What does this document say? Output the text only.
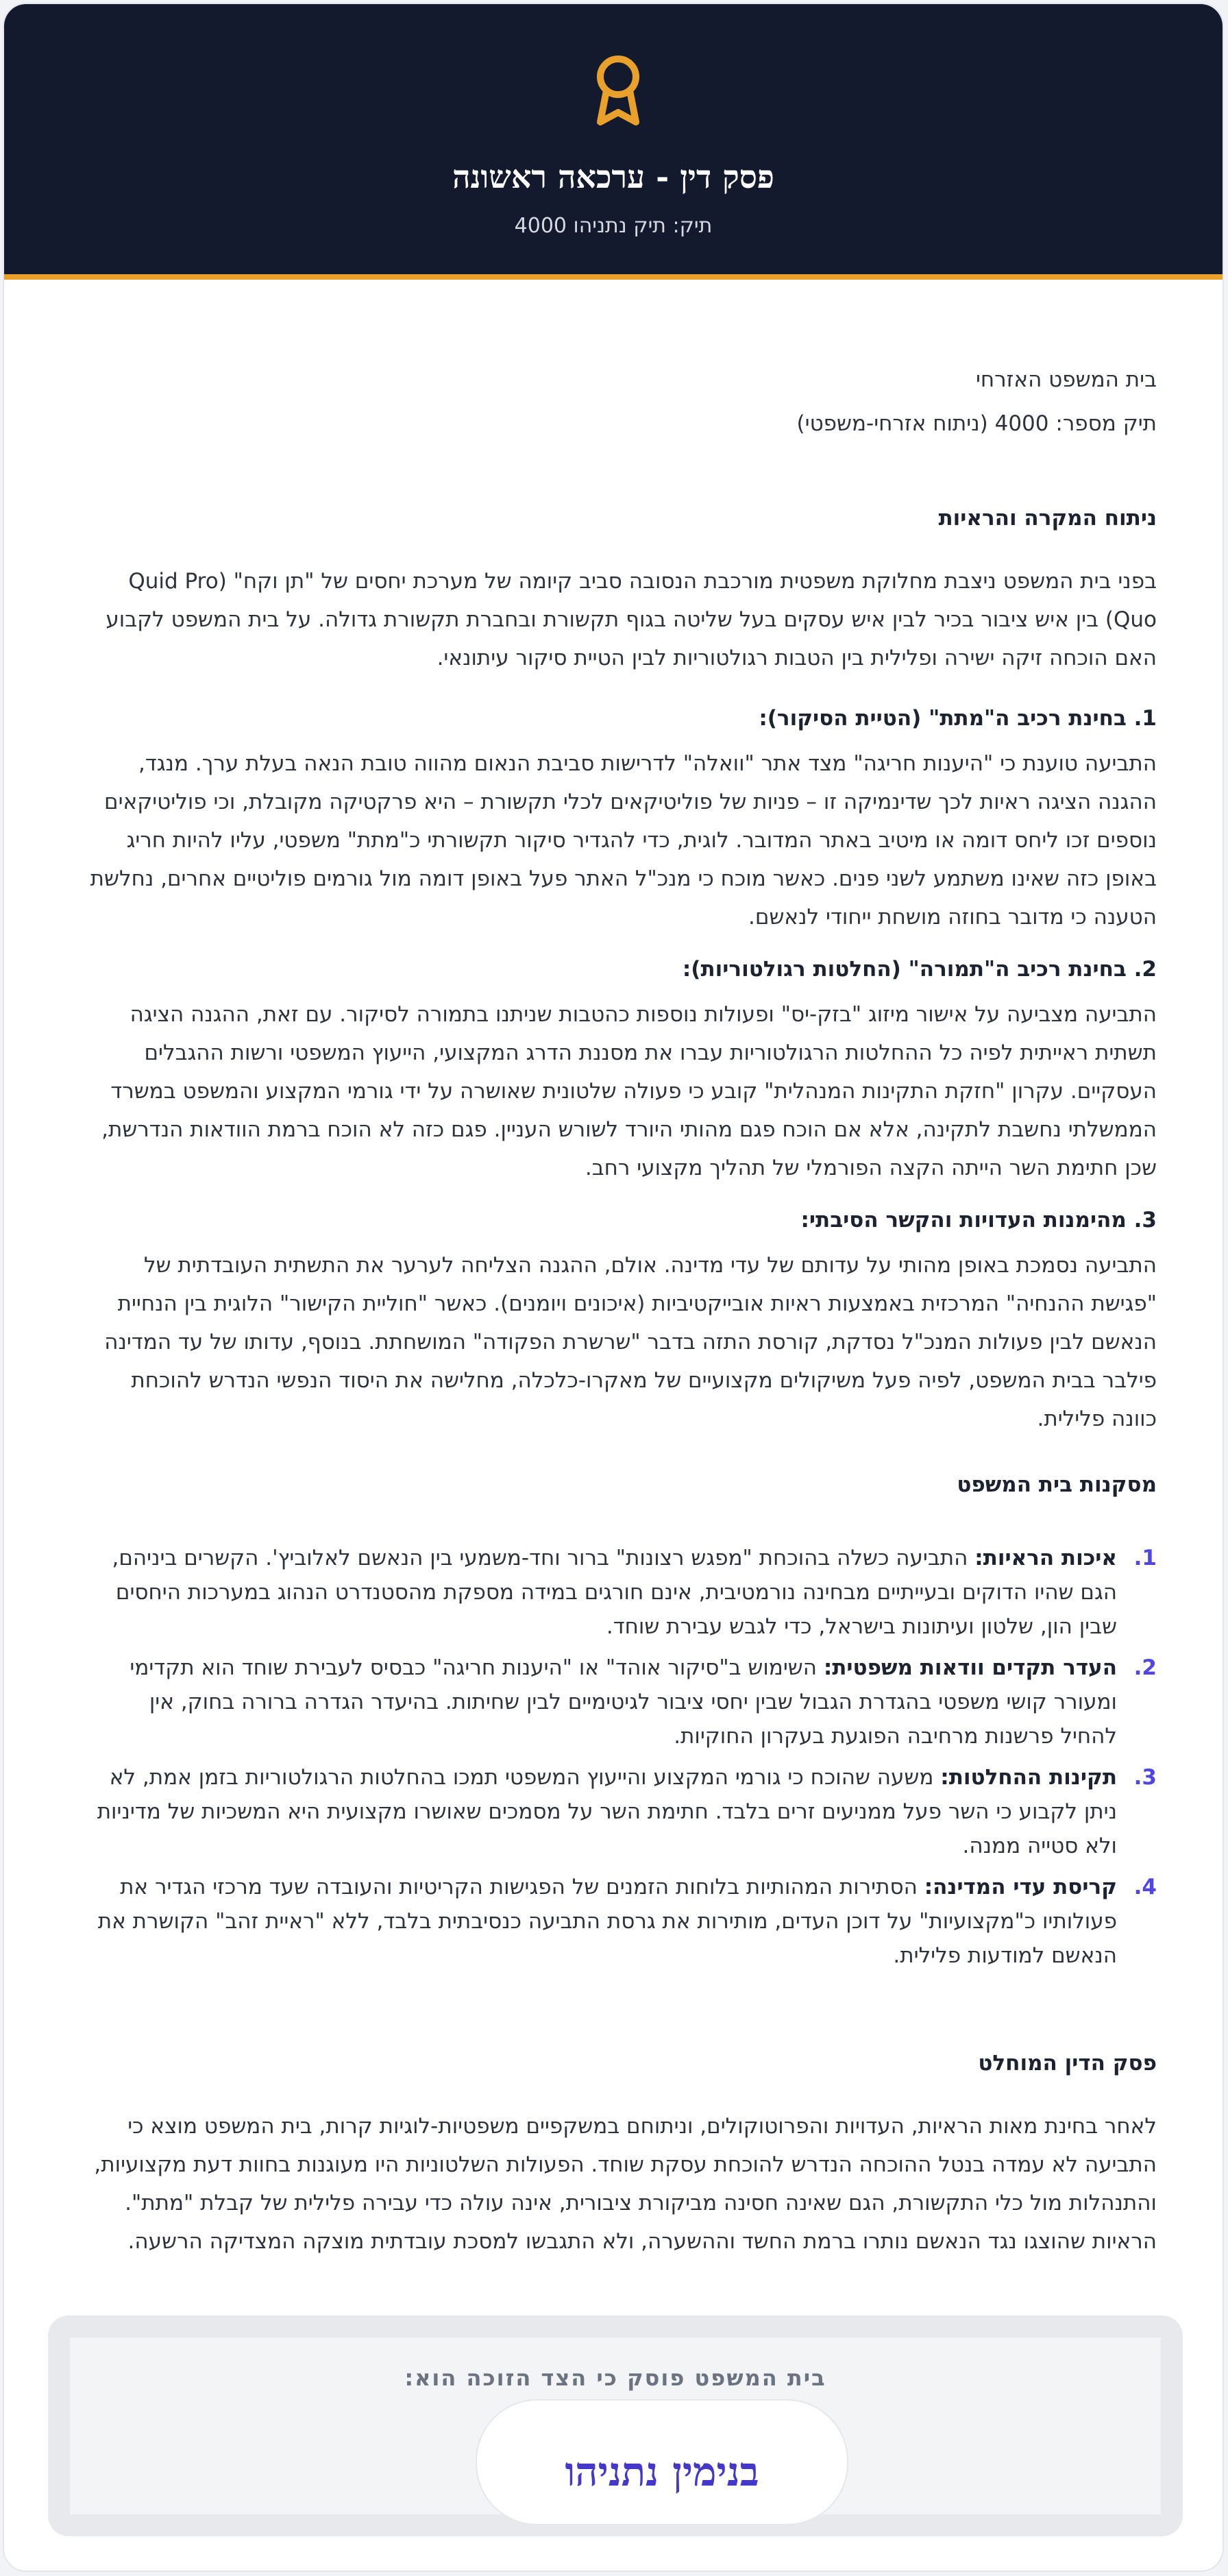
פסק דין - ערכאה ראשונה
תיק: תיק נתניהו 4000
בית המשפט האזרחי
תיק מספר: 4000 (ניתוח אזרחי-משפטי)
ניתוח המקרה והראיות
בפני בית המשפט ניצבת מחלוקת משפטית מורכבת הנסובה סביב קיומה של מערכת יחסים של "תן וקח" (Quid Pro Quo) בין איש ציבור בכיר לבין איש עסקים בעל שליטה בגוף תקשורת ובחברת תקשורת גדולה. על בית המשפט לקבוע האם הוכחה זיקה ישירה ופלילית בין הטבות רגולטוריות לבין הטיית סיקור עיתונאי.
1. בחינת רכיב ה"מתת" (הטיית הסיקור):
התביעה טוענת כי "היענות חריגה" מצד אתר "וואלה" לדרישות סביבת הנאום מהווה טובת הנאה בעלת ערך. מנגד, ההגנה הציגה ראיות לכך שדינמיקה זו – פניות של פוליטיקאים לכלי תקשורת – היא פרקטיקה מקובלת, וכי פוליטיקאים נוספים זכו ליחס דומה או מיטיב באתר המדובר. לוגית, כדי להגדיר סיקור תקשורתי כ"מתת" משפטי, עליו להיות חריג באופן כזה שאינו משתמע לשני פנים. כאשר מוכח כי מנכ"ל האתר פעל באופן דומה מול גורמים פוליטיים אחרים, נחלשת הטענה כי מדובר בחוזה מושחת ייחודי לנאשם.
2. בחינת רכיב ה"תמורה" (החלטות רגולטוריות):
התביעה מצביעה על אישור מיזוג "בזק-יס" ופעולות נוספות כהטבות שניתנו בתמורה לסיקור. עם זאת, ההגנה הציגה תשתית ראייתית לפיה כל ההחלטות הרגולטוריות עברו את מסננת הדרג המקצועי, הייעוץ המשפטי ורשות ההגבלים העסקיים. עקרון "חזקת התקינות המנהלית" קובע כי פעולה שלטונית שאושרה על ידי גורמי המקצוע והמשפט במשרד הממשלתי נחשבת לתקינה, אלא אם הוכח פגם מהותי היורד לשורש העניין. פגם כזה לא הוכח ברמת הוודאות הנדרשת, שכן חתימת השר הייתה הקצה הפורמלי של תהליך מקצועי רחב.
3. מהימנות העדויות והקשר הסיבתי:
התביעה נסמכת באופן מהותי על עדותם של עדי מדינה. אולם, ההגנה הצליחה לערער את התשתית העובדתית של "פגישת ההנחיה" המרכזית באמצעות ראיות אובייקטיביות (איכונים ויומנים). כאשר "חוליית הקישור" הלוגית בין הנחיית הנאשם לבין פעולות המנכ"ל נסדקת, קורסת התזה בדבר "שרשרת הפקודה" המושחתת. בנוסף, עדותו של עד המדינה פילבר בבית המשפט, לפיה פעל משיקולים מקצועיים של מאקרו-כלכלה, מחלישה את היסוד הנפשי הנדרש להוכחת כוונה פלילית.
מסקנות בית המשפט
1.
איכות הראיות: התביעה כשלה בהוכחת "מפגש רצונות" ברור וחד-משמעי בין הנאשם לאלוביץ'. הקשרים ביניהם, הגם שהיו הדוקים ובעייתיים מבחינה נורמטיבית, אינם חורגים במידה מספקת מהסטנדרט הנהוג במערכות היחסים שבין הון, שלטון ועיתונות בישראל, כדי לגבש עבירת שוחד.
2.
העדר תקדים וודאות משפטית: השימוש ב"סיקור אוהד" או "היענות חריגה" כבסיס לעבירת שוחד הוא תקדימי ומעורר קושי משפטי בהגדרת הגבול שבין יחסי ציבור לגיטימיים לבין שחיתות. בהיעדר הגדרה ברורה בחוק, אין להחיל פרשנות מרחיבה הפוגעת בעקרון החוקיות.
3.
תקינות ההחלטות: משעה שהוכח כי גורמי המקצוע והייעוץ המשפטי תמכו בהחלטות הרגולטוריות בזמן אמת, לא ניתן לקבוע כי השר פעל ממניעים זרים בלבד. חתימת השר על מסמכים שאושרו מקצועית היא המשכיות של מדיניות ולא סטייה ממנה.
4.
קריסת עדי המדינה: הסתירות המהותיות בלוחות הזמנים של הפגישות הקריטיות והעובדה שעד מרכזי הגדיר את פעולותיו כ"מקצועיות" על דוכן העדים, מותירות את גרסת התביעה כנסיבתית בלבד, ללא "ראיית זהב" הקושרת את הנאשם למודעות פלילית.
פסק הדין המוחלט
לאחר בחינת מאות הראיות, העדויות והפרוטוקולים, וניתוחם במשקפיים משפטיות-לוגיות קרות, בית המשפט מוצא כי התביעה לא עמדה בנטל ההוכחה הנדרש להוכחת עסקת שוחד. הפעולות השלטוניות היו מעוגנות בחוות דעת מקצועיות, והתנהלות מול כלי התקשורת, הגם שאינה חסינה מביקורת ציבורית, אינה עולה כדי עבירה פלילית של קבלת "מתת". הראיות שהוצגו נגד הנאשם נותרו ברמת החשד וההשערה, ולא התגבשו למסכת עובדתית מוצקה המצדיקה הרשעה.
בית המשפט פוסק כי הצד הזוכה הוא:
בנימין נתניהו
